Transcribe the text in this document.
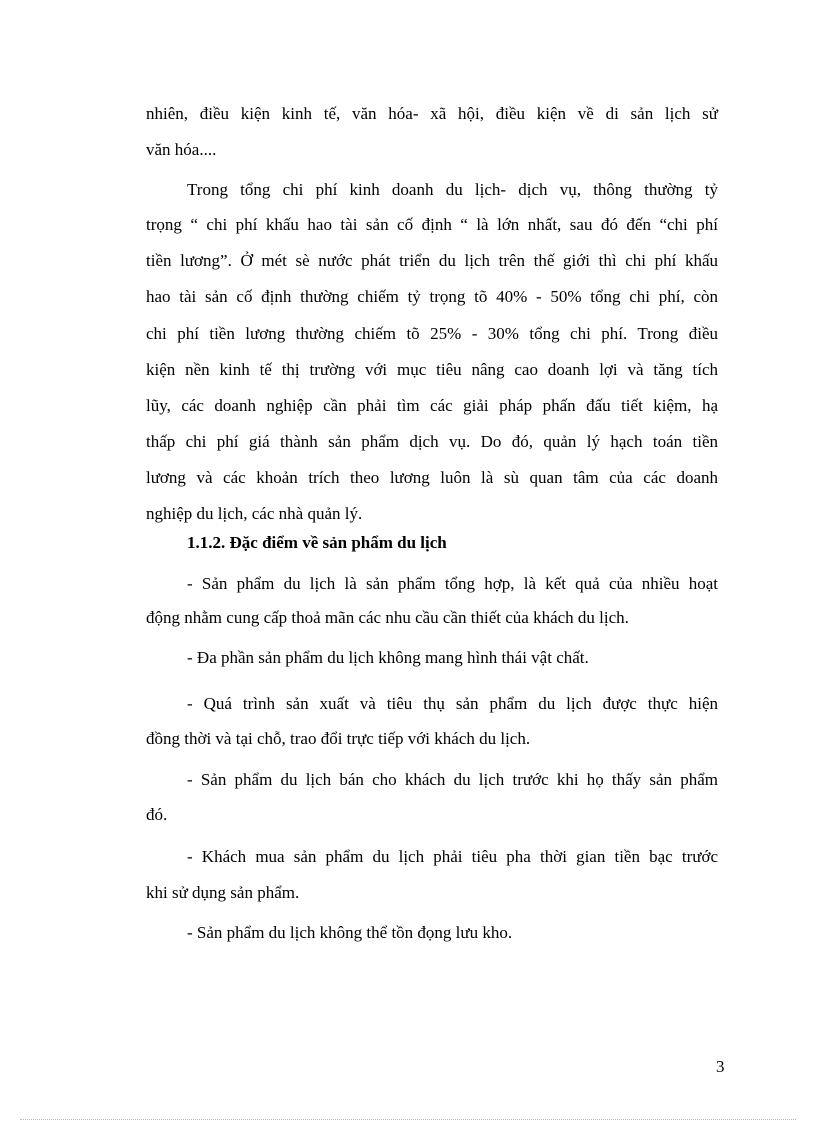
nhiên, điều kiện kinh tế, văn hóa- xã hội, điều kiện về di sản lịch sử
văn hóa....
Trong tổng chi phí kinh doanh du lịch- dịch vụ, thông thường tỷ
trọng “ chi phí khấu hao tài sản cố định “ là lớn nhất, sau đó đến “chi phí
tiền lương”. Ở mét sè nước phát triển du lịch trên thế giới thì chi phí khấu
hao tài sản cố định thường chiếm tỷ trọng tõ 40% - 50% tổng chi phí, còn
chi phí tiền lương thường chiếm tõ 25% - 30% tổng chi phí. Trong điều
kiện nền kinh tế thị trường với mục tiêu nâng cao doanh lợi và tăng tích
lũy, các doanh nghiệp cần phải tìm các giải pháp phấn đấu tiết kiệm, hạ
thấp chi phí giá thành sản phẩm dịch vụ. Do đó, quản lý hạch toán tiền
lương và các khoản trích theo lương luôn là sù quan tâm của các doanh
nghiệp du lịch, các nhà quản lý.
1.1.2. Đặc điểm về sản phẩm du lịch
- Sản phẩm du lịch là sản phẩm tổng hợp, là kết quả của nhiều hoạt
động nhằm cung cấp thoả mãn các nhu cầu cần thiết của khách du lịch.
- Đa phần sản phẩm du lịch không mang hình thái vật chất.
- Quá trình sản xuất và tiêu thụ sản phẩm du lịch được thực hiện
đồng thời và tại chỗ, trao đổi trực tiếp với khách du lịch.
- Sản phẩm du lịch bán cho khách du lịch trước khi họ thấy sản phẩm
đó.
- Khách mua sản phẩm du lịch phải tiêu pha thời gian tiền bạc trước
khi sử dụng sản phẩm.
- Sản phẩm du lịch không thể tồn đọng lưu kho.
3
